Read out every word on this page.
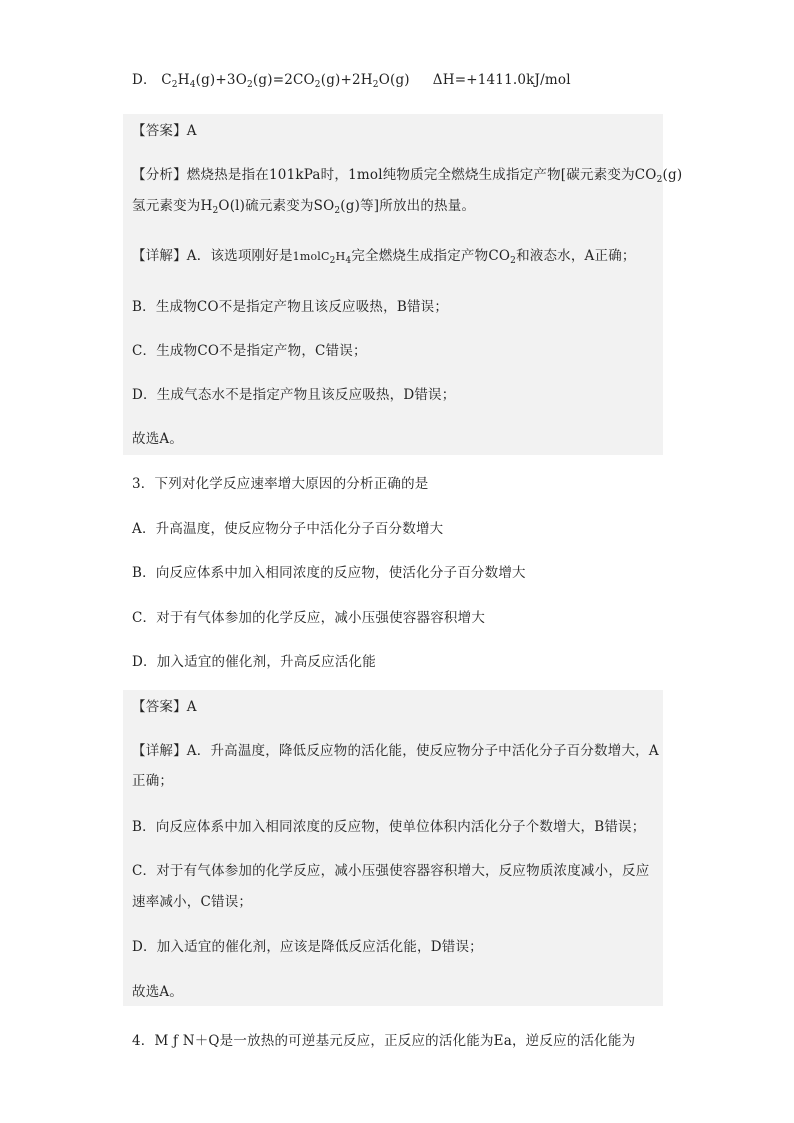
D． $C_2H_4(g)+3O_2(g)=2CO_2(g)+2H_2O(g)$ ΔH=+1411.0kJ/mol
【答案】A
【分析】燃烧热是指在101kPa时，1mol纯物质完全燃烧生成指定产物[碳元素变为$CO_2(g)$
氢元素变为$H_2O(l)$硫元素变为$SO_2(g)$等]所放出的热量。
【详解】A．该选项刚好是$1molC_2H_4$完全燃烧生成指定产物$CO_2$和液态水，A正确；
B．生成物CO不是指定产物且该反应吸热，B错误；
C．生成物CO不是指定产物，C错误；
D．生成气态水不是指定产物且该反应吸热，D错误；
故选A。
3．下列对化学反应速率增大原因的分析正确的是
A．升高温度，使反应物分子中活化分子百分数增大
B．向反应体系中加入相同浓度的反应物，使活化分子百分数增大
C．对于有气体参加的化学反应，减小压强使容器容积增大
D．加入适宜的催化剂，升高反应活化能
【答案】A
【详解】A．升高温度，降低反应物的活化能，使反应物分子中活化分子百分数增大，A
正确；
B．向反应体系中加入相同浓度的反应物，使单位体积内活化分子个数增大，B错误；
C．对于有气体参加的化学反应，减小压强使容器容积增大，反应物质浓度减小，反应
速率减小，C错误；
D．加入适宜的催化剂，应该是降低反应活化能，D错误；
故选A。
4．M ƒ N＋Q是一放热的可逆基元反应，正反应的活化能为Ea，逆反应的活化能为
